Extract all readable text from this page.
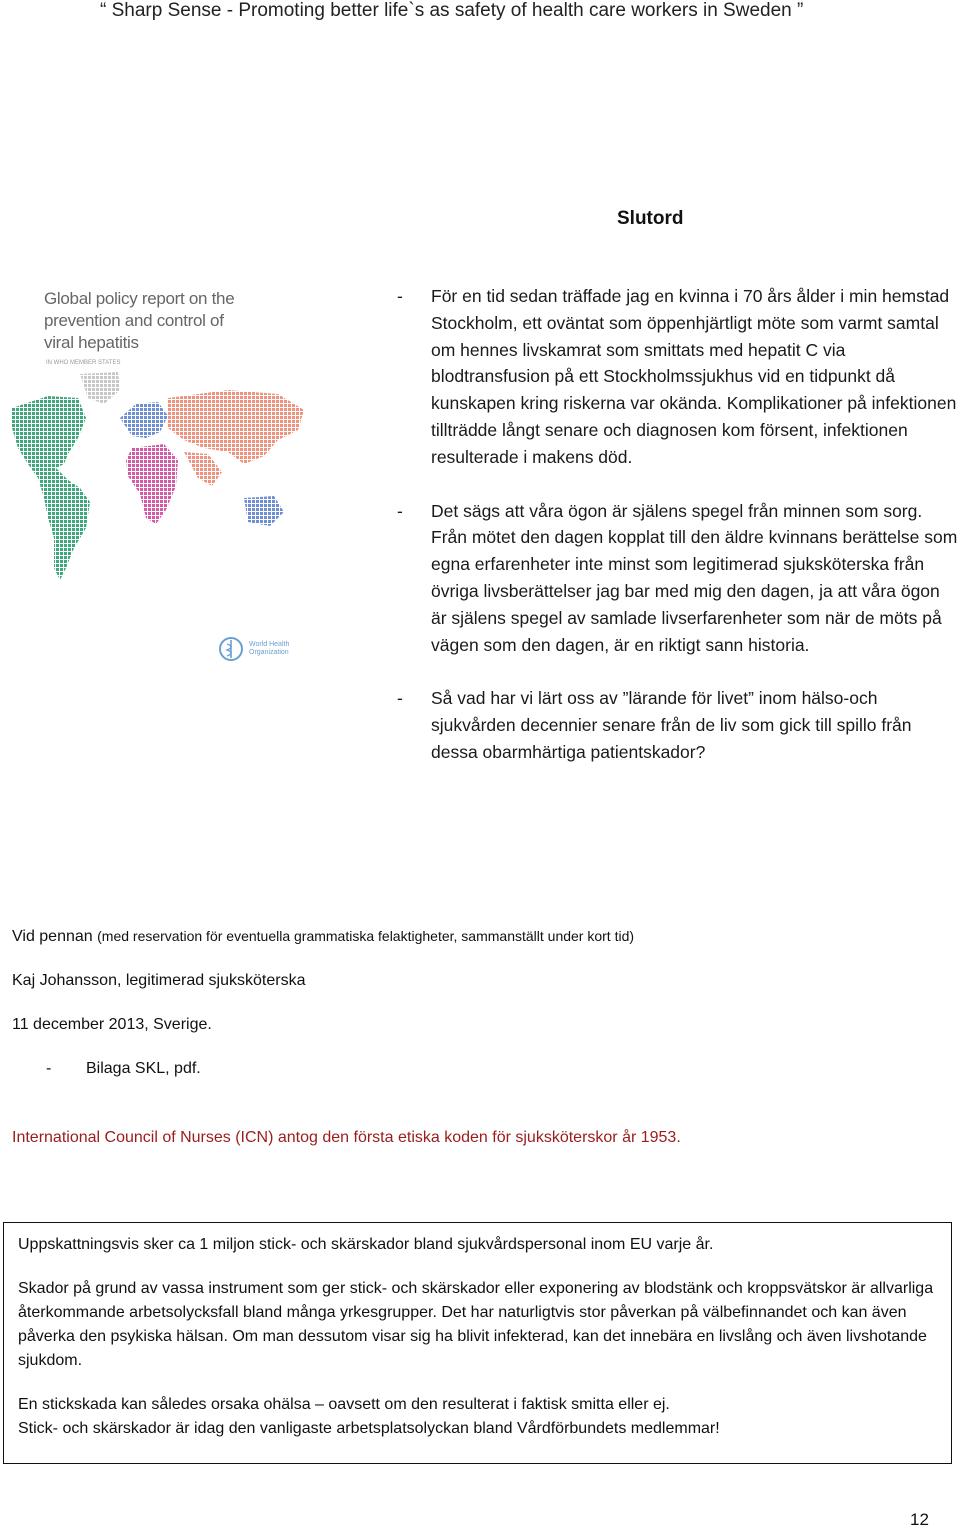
“ Sharp Sense - Promoting better life`s as safety of health care workers in Sweden ”
Slutord
Global policy report on the
prevention and control of
viral hepatitis
IN WHO MEMBER STATES
World Health
Organization
-	För en tid sedan träffade jag en kvinna i 70 års ålder i min hemstad Stockholm, ett oväntat som öppenhjärtligt möte som varmt samtal om hennes livskamrat som smittats med hepatit C via blodtransfusion på ett Stockholmssjukhus vid en tidpunkt då kunskapen kring riskerna var okända. Komplikationer på infektionen tillträdde långt senare och diagnosen kom försent, infektionen resulterade i makens död.
-	Det sägs att våra ögon är själens spegel från minnen som sorg. Från mötet den dagen kopplat till den äldre kvinnans berättelse som egna erfarenheter inte minst som legitimerad sjuksköterska från övriga livsberättelser jag bar med mig den dagen, ja att våra ögon är själens spegel av samlade livserfarenheter som när de möts på vägen som den dagen, är en riktigt sann historia.
-	Så vad har vi lärt oss av ”lärande för livet” inom hälso-och sjukvården decennier senare från de liv som gick till spillo från dessa obarmhärtiga patientskador?

Vid pennan (med reservation för eventuella grammatiska felaktigheter, sammanställt under kort tid)

Kaj Johansson, legitimerad sjuksköterska

11 december 2013, Sverige.

-	Bilaga SKL, pdf.

International Council of Nurses (ICN) antog den första etiska koden för sjuksköterskor år 1953.

Uppskattningsvis sker ca 1 miljon stick- och skärskador bland sjukvårdspersonal inom EU varje år.

Skador på grund av vassa instrument som ger stick- och skärskador eller exponering av blodstänk och kroppsvätskor är allvarliga återkommande arbetsolycksfall bland många yrkesgrupper. Det har naturligtvis stor påverkan på välbefinnandet och kan även påverka den psykiska hälsan. Om man dessutom visar sig ha blivit infekterad, kan det innebära en livslång och även livshotande sjukdom.

En stickskada kan således orsaka ohälsa – oavsett om den resulterat i faktisk smitta eller ej.

Stick- och skärskador är idag den vanligaste arbetsplatsolyckan bland Vårdförbundets medlemmar!

12
